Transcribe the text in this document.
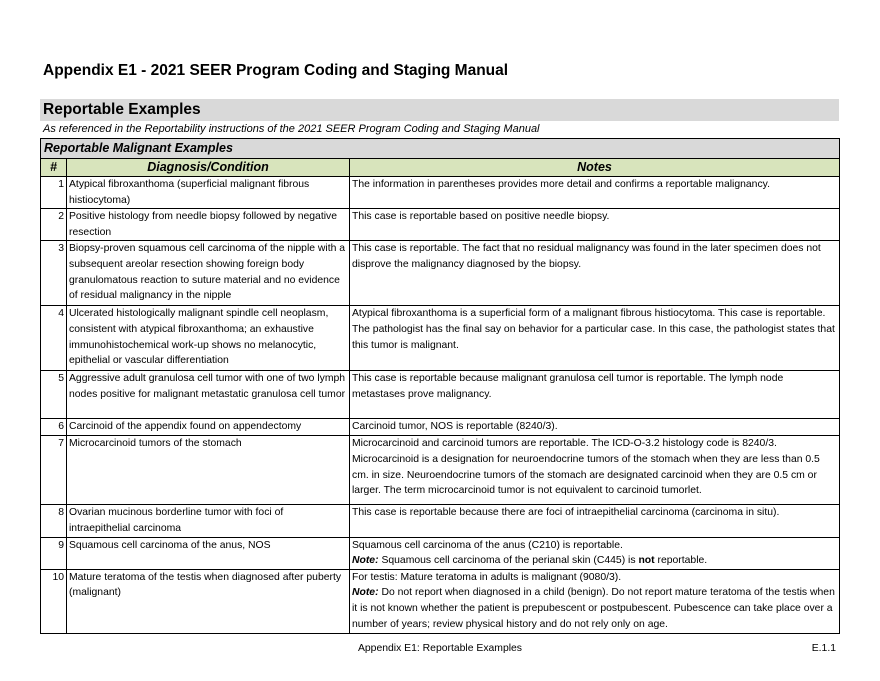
Appendix E1 - 2021 SEER Program Coding and Staging Manual
Reportable Examples
As referenced in the Reportability instructions of the 2021 SEER Program Coding and Staging Manual
Reportable Malignant Examples		
#	Diagnosis/Condition	Notes
1	Atypical fibroxanthoma (superficial malignant fibrous histiocytoma)	The information in parentheses provides more detail and confirms a reportable malignancy.
2	Positive histology from needle biopsy followed by negative resection	This case is reportable based on positive needle biopsy.
3	Biopsy-proven squamous cell carcinoma of the nipple with a subsequent areolar resection showing foreign body granulomatous reaction to suture material and no evidence of residual malignancy in the nipple	This case is reportable. The fact that no residual malignancy was found in the later specimen does not disprove the malignancy diagnosed by the biopsy.
4	Ulcerated histologically malignant spindle cell neoplasm, consistent with atypical fibroxanthoma; an exhaustive immunohistochemical work-up shows no melanocytic, epithelial or vascular differentiation	Atypical fibroxanthoma is a superficial form of a malignant fibrous histiocytoma. This case is reportable. The pathologist has the final say on behavior for a particular case. In this case, the pathologist states that this tumor is malignant.
5	Aggressive adult granulosa cell tumor with one of two lymph nodes positive for malignant metastatic granulosa cell tumor	This case is reportable because malignant granulosa cell tumor is reportable. The lymph node metastases prove malignancy.
6	Carcinoid of the appendix found on appendectomy	Carcinoid tumor, NOS is reportable (8240/3).
7	Microcarcinoid tumors of the stomach	Microcarcinoid and carcinoid tumors are reportable. The ICD-O-3.2 histology code is 8240/3. Microcarcinoid is a designation for neuroendocrine tumors of the stomach when they are less than 0.5 cm. in size. Neuroendocrine tumors of the stomach are designated carcinoid when they are 0.5 cm or larger. The term microcarcinoid tumor is not equivalent to carcinoid tumorlet.
8	Ovarian mucinous borderline tumor with foci of intraepithelial carcinoma	This case is reportable because there are foci of intraepithelial carcinoma (carcinoma in situ).
9	Squamous cell carcinoma of the anus, NOS	Squamous cell carcinoma of the anus (C210) is reportable.
Note: Squamous cell carcinoma of the perianal skin (C445) is not reportable.

10	Mature teratoma of the testis when diagnosed after puberty (malignant)	For testis: Mature teratoma in adults is malignant (9080/3).
Note: Do not report when diagnosed in a child (benign). Do not report mature teratoma of the testis when it is not known whether the patient is prepubescent or postpubescent. Pubescence can take place over a number of years; review physical history and do not rely only on age.
Appendix E1: Reportable Examples	E.1.1
